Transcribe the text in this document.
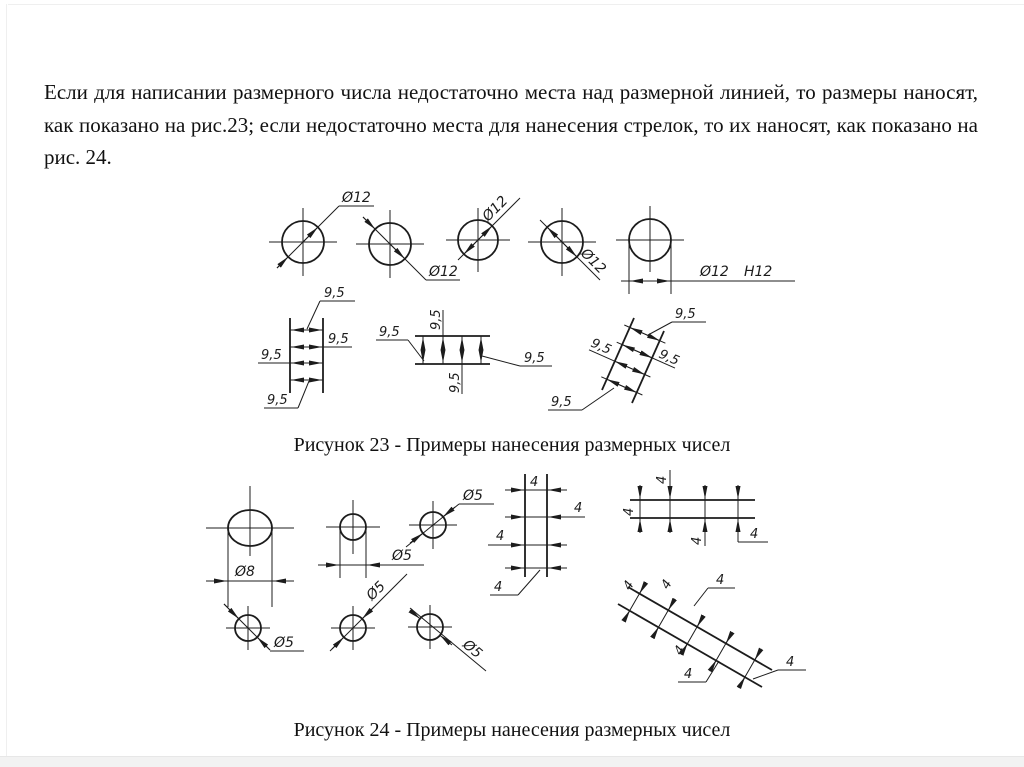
Если для написании размерного числа недостаточно места над размерной линией, то размеры наносят, как показано на рис.23; если недостаточно места для нанесения стрелок, то их наносят, как показано на рис. 24.
Ø12
Ø12
Ø12
Ø12	Ø12 H12
9,5
9,5
9,5
9,5
9,5
9,5
9,5
9,5
9,5
9,5	9,5
9,5
Ø8
Ø5
Ø5
4
4
4
4
4
4
4	4
4 4	4
4
4
4
Ø5
Ø5
Ø5
Рисунок 23 - Примеры нанесения размерных чисел
Рисунок 24 - Примеры нанесения размерных чисел
